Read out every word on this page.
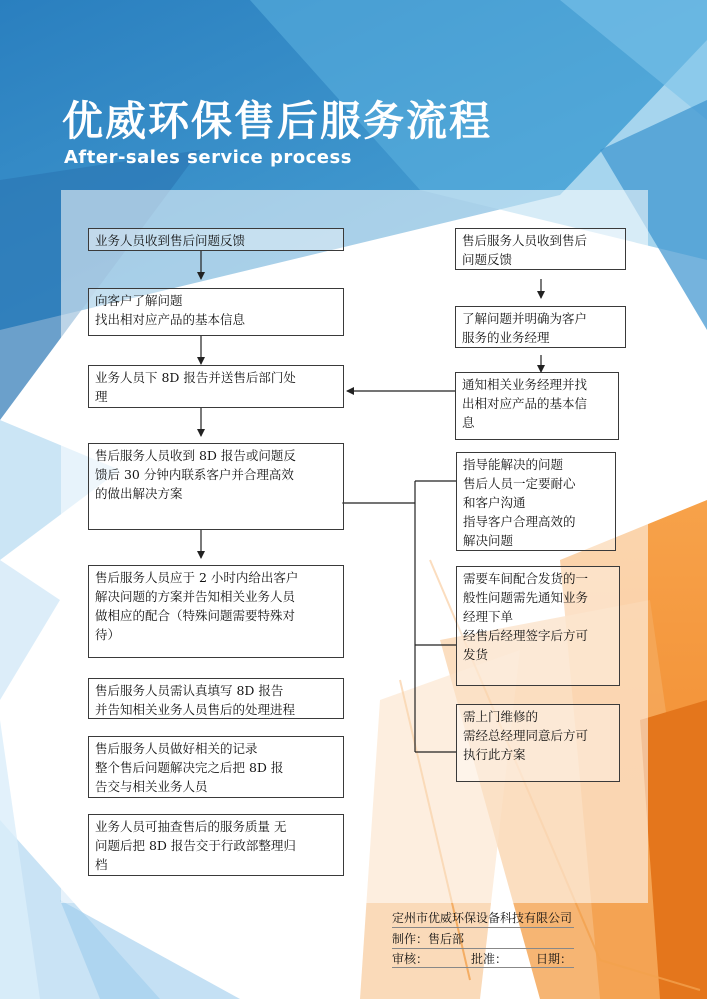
优威环保售后服务流程

After-sales service process

业务人员收到售后问题反馈
向客户了解问题
找出相对应产品的基本信息
业务人员下 8D 报告并送售后部门处
理
售后服务人员收到 8D 报告或问题反
馈后 30 分钟内联系客户并合理高效
的做出解决方案
售后服务人员应于 2 小时内给出客户
解决问题的方案并告知相关业务人员
做相应的配合（特殊问题需要特殊对
待）
售后服务人员需认真填写 8D 报告
并告知相关业务人员售后的处理进程
售后服务人员做好相关的记录
整个售后问题解决完之后把 8D 报
告交与相关业务人员
业务人员可抽查售后的服务质量 无
问题后把 8D 报告交于行政部整理归
档
售后服务人员收到售后
问题反馈
了解问题并明确为客户
服务的业务经理
通知相关业务经理并找
出相对应产品的基本信
息
指导能解决的问题
售后人员一定要耐心
和客户沟通
指导客户合理高效的
解决问题
需要车间配合发货的一
般性问题需先通知业务
经理下单
经售后经理签字后方可
发货
需上门维修的
需经总经理同意后方可
执行此方案
定州市优威环保设备科技有限公司
制作：售后部
审核：	批准： 日期：
